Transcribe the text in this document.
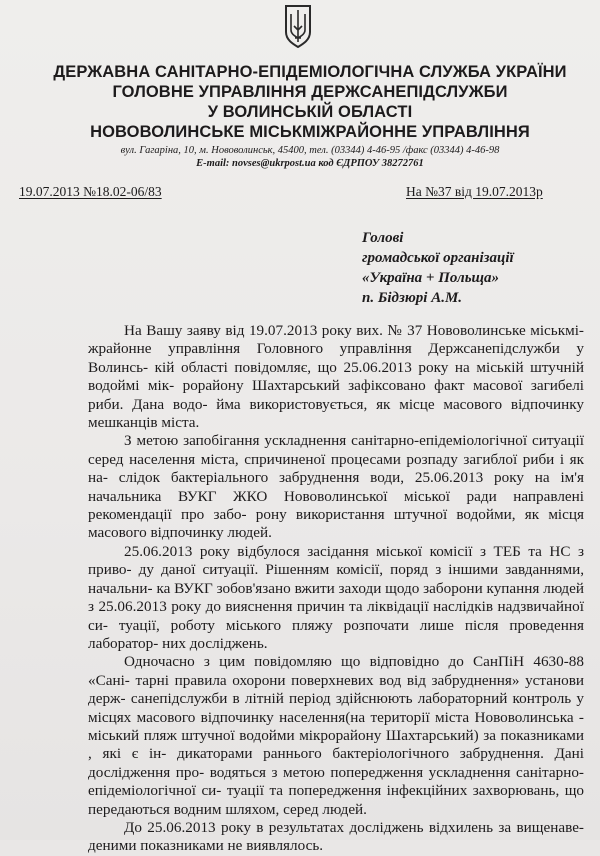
ДЕРЖАВНА САНІТАРНО-ЕПІДЕМІОЛОГІЧНА СЛУЖБА УКРАЇНИ
ГОЛОВНЕ УПРАВЛІННЯ ДЕРЖСАНЕПІДСЛУЖБИ
У ВОЛИНСЬКІЙ ОБЛАСТІ
НОВОВОЛИНСЬКЕ МІСЬКМІЖРАЙОННЕ УПРАВЛІННЯ
вул. Гагаріна, 10, м. Нововолинськ, 45400, тел. (03344) 4-46-95 /факс (03344) 4-46-98
E-mail: novses@ukrpost.ua код ЄДРПОУ 38272761
19.07.2013 №18.02-06/83	На №37 від 19.07.2013р
Голові
громадської організації
«Україна + Польща»
п. Бідзюрі А.М.

На Вашу заяву від 19.07.2013 року вих. № 37 Нововолинське міськмі- жрайонне управління Головного управління Держсанепідслужби у Волинсь- кій області повідомляє, що 25.06.2013 року на міській штучній водоймі мік- рорайону Шахтарський зафіксовано факт масової загибелі риби. Дана водо- йма використовується, як місце масового відпочинку мешканців міста.

З метою запобігання ускладнення санітарно-епідеміологічної ситуації серед населення міста, спричиненої процесами розпаду загиблої риби і як на- слідок бактеріального забруднення води, 25.06.2013 року на ім'я начальника ВУКГ ЖКО Нововолинської міської ради направлені рекомендації про забо- рону використання штучної водойми, як місця масового відпочинку людей.

25.06.2013 року відбулося засідання міської комісії з ТЕБ та НС з приво- ду даної ситуації. Рішенням комісії, поряд з іншими завданнями, начальни- ка ВУКГ зобов'язано вжити заходи щодо заборони купання людей з 25.06.2013 року до вияснення причин та ліквідації наслідків надзвичайної си- туації, роботу міського пляжу розпочати лише після проведення лаборатор- них досліджень.

Одночасно з цим повідомляю що відповідно до СанПіН 4630-88 «Сані- тарні правила охорони поверхневих вод від забруднення» установи держ- санепідслужби в літній період здійснюють лабораторний контроль у місцях масового відпочинку населення(на території міста Нововолинська - міський пляж штучної водойми мікрорайону Шахтарський) за показниками , які є ін- дикаторами раннього бактеріологічного забруднення. Дані дослідження про- водяться з метою попередження ускладнення санітарно-епідеміологічної си- туації та попередження інфекційних захворювань, що передаються водним шляхом, серед людей.

До 25.06.2013 року в результатах досліджень відхилень за вищенаве- деними показниками не виявлялось.
